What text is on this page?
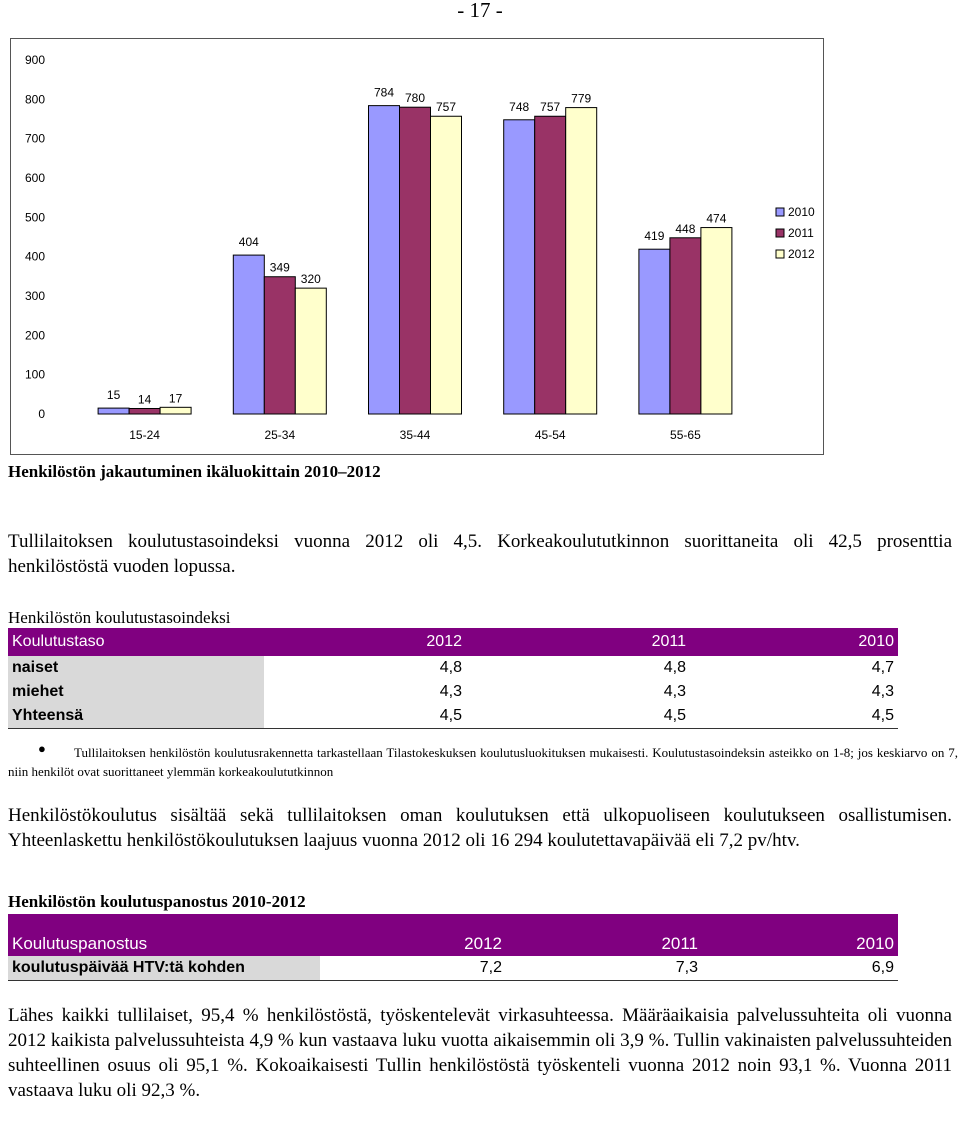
- 17 -
0
100
200
300
400
500
600
700
800
900
15 14 17
15-24
404
349
320
25-34
784 780
757
35-44
748 757
779
45-54
419
448
474
55-65
2010
2011
2012
Henkilöstön jakautuminen ikäluokittain 2010–2012
Tullilaitoksen koulutustasoindeksi vuonna 2012 oli 4,5. Korkeakoulututkinnon suorittaneita oli 42,5 prosenttia henkilöstöstä vuoden lopussa.
Henkilöstön koulutustasoindeksi
Koulutustaso	2012	2011	2010
naiset	4,8	4,8	4,7
miehet	4,3	4,3	4,3
Yhteensä	4,5	4,5	4,5
●	Tullilaitoksen henkilöstön koulutusrakennetta tarkastellaan Tilastokeskuksen koulutusluokituksen mukaisesti. Koulutustasoindeksin asteikko on 1-8; jos keskiarvo on 7, niin henkilöt ovat suorittaneet ylemmän korkeakoulututkinnon
Henkilöstökoulutus sisältää sekä tullilaitoksen oman koulutuksen että ulkopuoliseen koulutukseen osallistumisen. Yhteenlaskettu henkilöstökoulutuksen laajuus vuonna 2012 oli 16 294 koulutettavapäivää eli 7,2 pv/htv.
Henkilöstön koulutuspanostus 2010-2012
Koulutuspanostus	2012	2011	2010
koulutuspäivää HTV:tä kohden	7,2	7,3	6,9
Lähes kaikki tullilaiset, 95,4 % henkilöstöstä, työskentelevät virkasuhteessa. Määräaikaisia palvelussuhteita oli vuonna 2012 kaikista palvelussuhteista 4,9 % kun vastaava luku vuotta aikaisemmin oli 3,9 %. Tullin vakinaisten palvelussuhteiden suhteellinen osuus oli 95,1 %. Kokoaikaisesti Tullin henkilöstöstä työskenteli vuonna 2012 noin 93,1 %. Vuonna 2011 vastaava luku oli 92,3 %.
